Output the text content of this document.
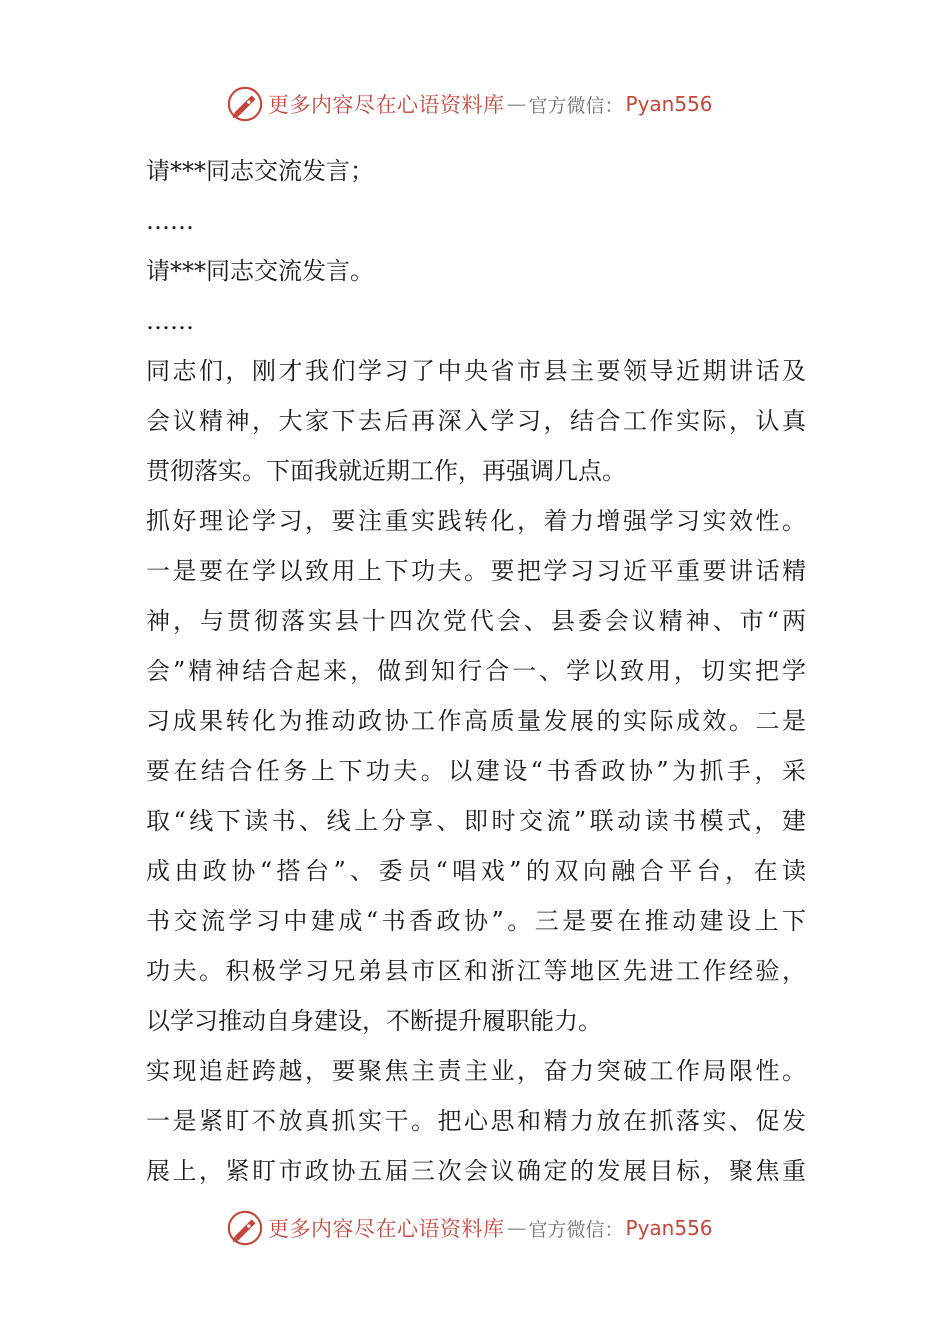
更多内容尽在心语资料库 — 官方微信： Pyan556
请***同志交流发言；
……
请***同志交流发言。
……
同志们，刚才我们学习了中央省市县主要领导近期讲话及
会议精神，大家下去后再深入学习，结合工作实际，认真
贯彻落实。下面我就近期工作，再强调几点。
抓好理论学习，要注重实践转化，着力增强学习实效性。
一是要在学以致用上下功夫。要把学习习近平重要讲话精
神，与贯彻落实县十四次党代会、县委会议精神、市“两
会”精神结合起来，做到知行合一、学以致用，切实把学
习成果转化为推动政协工作高质量发展的实际成效。二是
要在结合任务上下功夫。以建设“书香政协”为抓手，采
取“线下读书、线上分享、即时交流”联动读书模式，建
成由政协“搭台”、委员“唱戏”的双向融合平台，在读
书交流学习中建成“书香政协”。三是要在推动建设上下
功夫。积极学习兄弟县市区和浙江等地区先进工作经验，
以学习推动自身建设，不断提升履职能力。
实现追赶跨越，要聚焦主责主业，奋力突破工作局限性。
一是紧盯不放真抓实干。把心思和精力放在抓落实、促发
展上，紧盯市政协五届三次会议确定的发展目标，聚焦重
更多内容尽在心语资料库 — 官方微信： Pyan556
